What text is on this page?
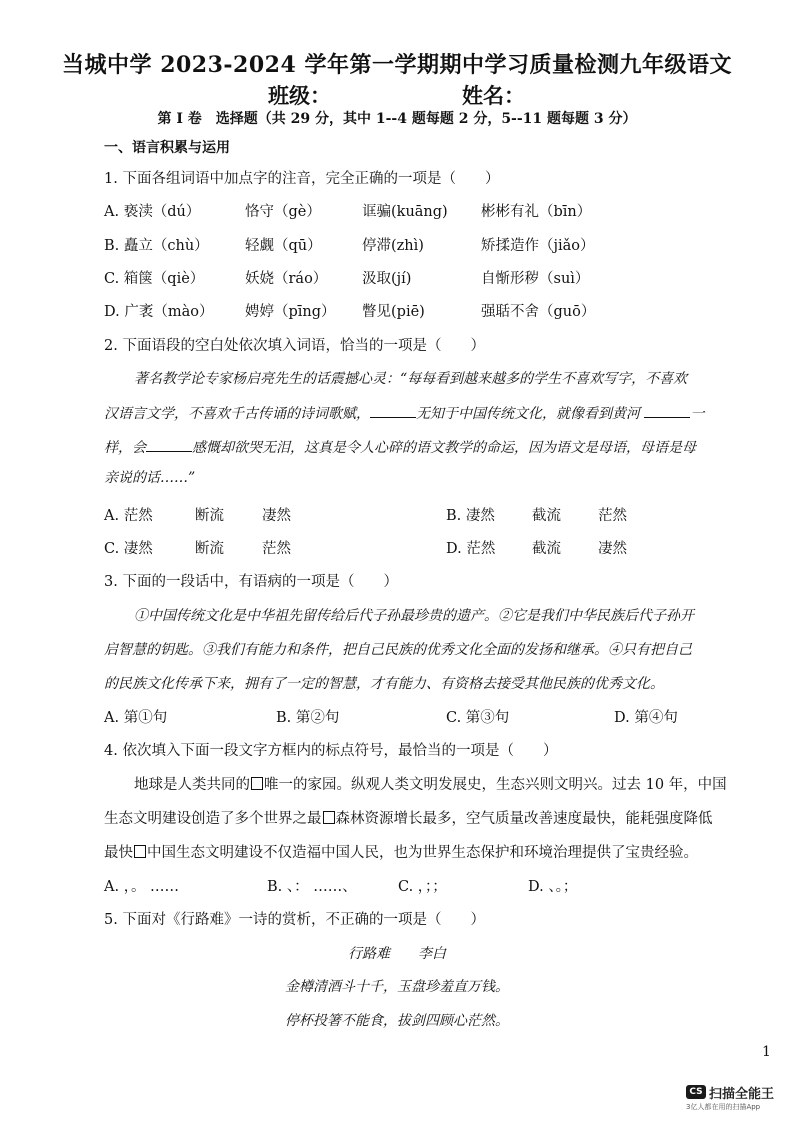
当城中学 2023-2024 学年第一学期期中学习质量检测九年级语文
班级：	姓名：
第 I 卷　选择题（共 29 分，其中 1--4 题每题 2 分，5--11 题每题 3 分）
一、语言积累与运用
1. 下面各组词语中加点字的注音，完全正确的一项是（　　）
A. 亵渎（dú）	恪守（gè）	诓骗(kuāng) 彬彬有礼（bīn）
B. 矗立（chù）	轻觑（qū）	停滞(zhì)	矫揉造作（jiǎo）
C. 箱箧（qiè）	妖娆（ráo） 汲取(jí)	自惭形秽（suì）
D. 广袤（mào） 娉婷（pīng） 瞥见(piē)	强聒不舍（guō）
2. 下面语段的空白处依次填入词语，恰当的一项是（　　）
著名教学论专家杨启亮先生的话震撼心灵：“每每看到越来越多的学生不喜欢写字，不喜欢
汉语言文学，不喜欢千古传诵的诗词歌赋，	无知于中国传统文化，就像看到黄河	一
样，会	感慨却欲哭无泪，这真是令人心碎的语文教学的命运，因为语文是母语，母语是母
亲说的话……”
A. 茫然	断流	凄然	B. 凄然	截流	茫然
C. 凄然	断流	茫然	D. 茫然	截流	凄然
3. 下面的一段话中，有语病的一项是（　　）
①中国传统文化是中华祖先留传给后代子孙最珍贵的遗产。②它是我们中华民族后代子孙开
启智慧的钥匙。③我们有能力和条件，把自己民族的优秀文化全面的发扬和继承。④只有把自己
的民族文化传承下来，拥有了一定的智慧，才有能力、有资格去接受其他民族的优秀文化。
A. 第①句	B. 第②句	C. 第③句	D. 第④句
4. 依次填入下面一段文字方框内的标点符号，最恰当的一项是（　　）
地球是人类共同的 唯一的家园。纵观人类文明发展史，生态兴则文明兴。过去 10 年，中国
生态文明建设创造了多个世界之最 森林资源增长最多，空气质量改善速度最快，能耗强度降低
最快 中国生态文明建设不仅造福中国人民，也为世界生态保护和环境治理提供了宝贵经验。
A. ，。 ……	B. 、： ……、	C. ，；；	D. 、。；
5. 下面对《行路难》一诗的赏析，不正确的一项是（　　）
行路难　　李白
金樽清酒斗十千，玉盘珍羞直万钱。
停杯投箸不能食，拔剑四顾心茫然。
1
CS 扫描全能王
3亿人都在用的扫描App
